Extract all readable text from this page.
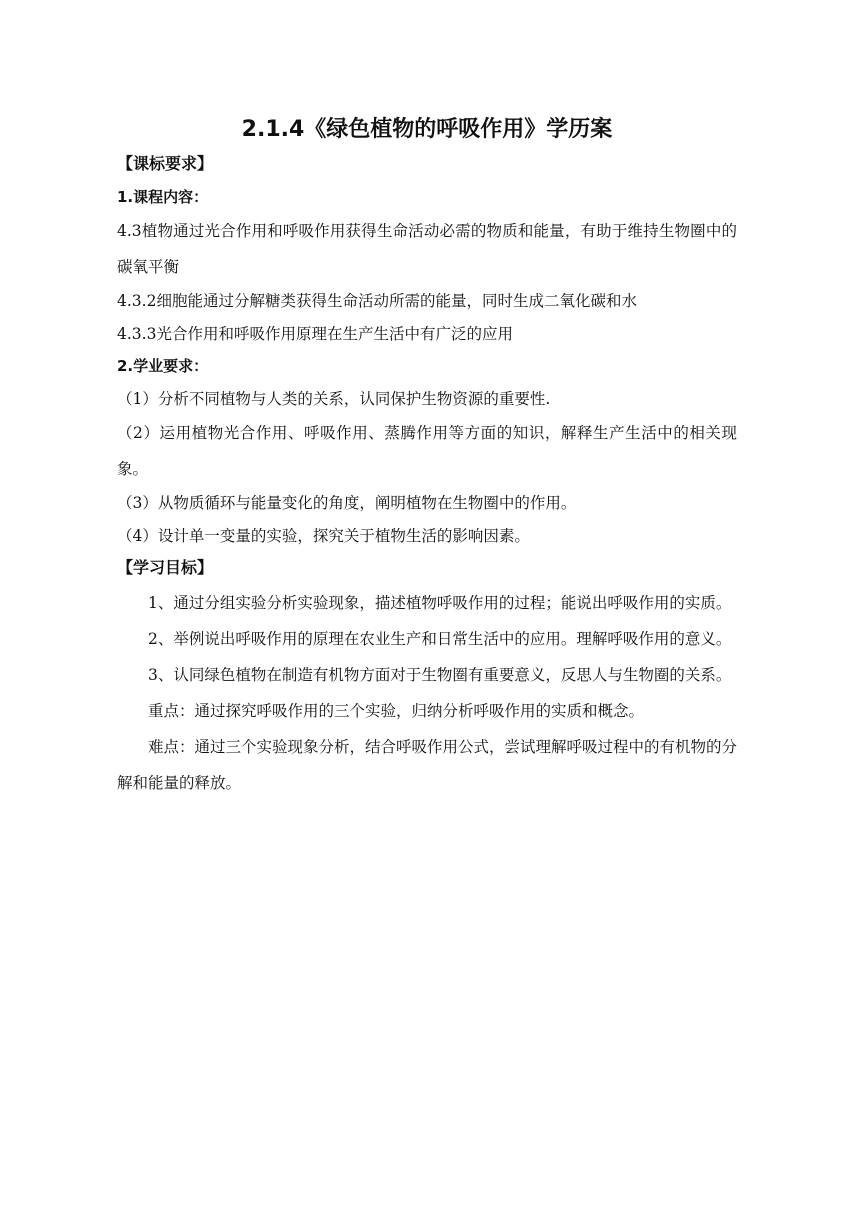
2.1.4《绿色植物的呼吸作用》学历案

【课标要求】

1.课程内容：

4.3植物通过光合作用和呼吸作用获得生命活动必需的物质和能量，有助于维持生物圈中的碳氧平衡

4.3.2细胞能通过分解糖类获得生命活动所需的能量，同时生成二氧化碳和水

4.3.3光合作用和呼吸作用原理在生产生活中有广泛的应用

2.学业要求：

（1）分析不同植物与人类的关系，认同保护生物资源的重要性.

（2）运用植物光合作用、呼吸作用、蒸腾作用等方面的知识，解释生产生活中的相关现象。

（3）从物质循环与能量变化的角度，阐明植物在生物圈中的作用。

（4）设计单一变量的实验，探究关于植物生活的影响因素。

【学习目标】

1、通过分组实验分析实验现象，描述植物呼吸作用的过程；能说出呼吸作用的实质。

2、举例说出呼吸作用的原理在农业生产和日常生活中的应用。理解呼吸作用的意义。

3、认同绿色植物在制造有机物方面对于生物圈有重要意义，反思人与生物圈的关系。

重点：通过探究呼吸作用的三个实验，归纳分析呼吸作用的实质和概念。

难点：通过三个实验现象分析，结合呼吸作用公式，尝试理解呼吸过程中的有机物的分解和能量的释放。
